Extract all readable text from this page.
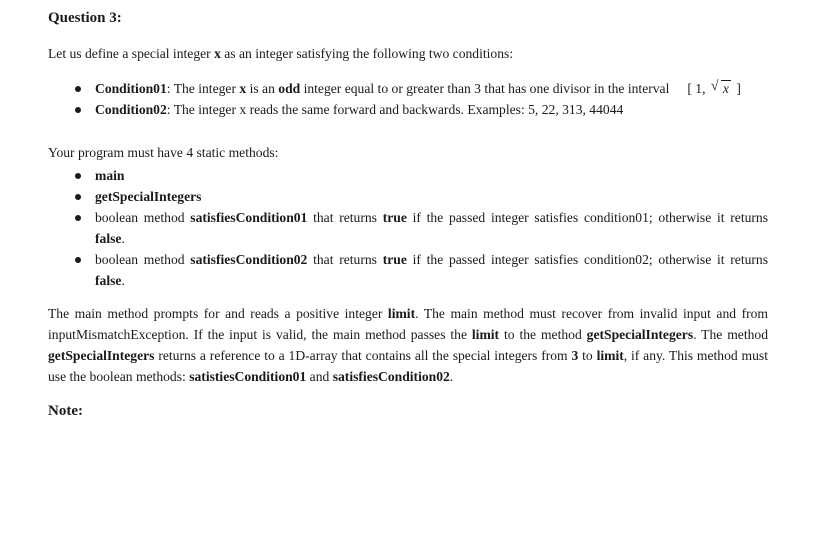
Question 3:

Let us define a special integer x as an integer satisfying the following two conditions:

Condition01: The integer x is an odd integer equal to or greater than 3 that has one divisor in the interval [ 1, √ x ]
Condition02: The integer x reads the same forward and backwards. Examples: 5, 22, 313, 44044

Your program must have 4 static methods:

main
getSpecialIntegers
boolean method satisfiesCondition01 that returns true if the passed integer satisfies condition01; otherwise it returns false.
boolean method satisfiesCondition02 that returns true if the passed integer satisfies condition02; otherwise it returns false.

The main method prompts for and reads a positive integer limit. The main method must recover from invalid input and from inputMismatchException. If the input is valid, the main method passes the limit to the method getSpecialIntegers. The method getSpecialIntegers returns a reference to a 1D-array that contains all the special integers from 3 to limit, if any. This method must use the boolean methods: satistiesCondition01 and satisfiesCondition02.

Note:
